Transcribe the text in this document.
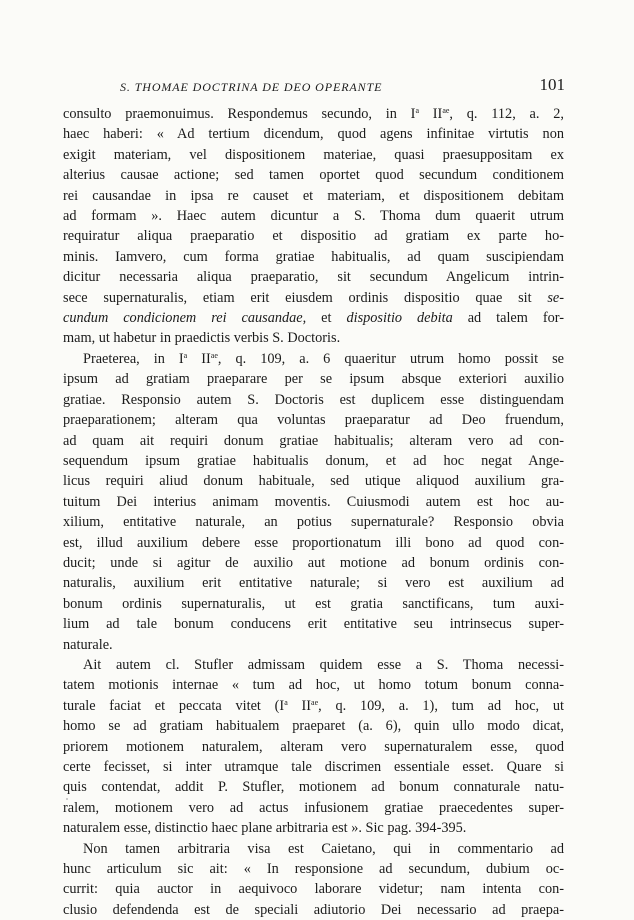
S. THOMAE DOCTRINA DE DEO OPERANTE	101
consulto praemonuimus. Respondemus secundo, in $I^a$ $II^{ae}$, q. 112, a. 2,
haec haberi: « Ad tertium dicendum, quod agens infinitae virtutis non
exigit materiam, vel dispositionem materiae, quasi praesuppositam ex
alterius causae actione; sed tamen oportet quod secundum conditionem
rei causandae in ipsa re causet et materiam, et dispositionem debitam
ad formam ». Haec autem dicuntur a S. Thoma dum quaerit utrum
requiratur aliqua praeparatio et dispositio ad gratiam ex parte ho-
minis. Iamvero, cum forma gratiae habitualis, ad quam suscipiendam
dicitur necessaria aliqua praeparatio, sit secundum Angelicum intrin-
sece supernaturalis, etiam erit eiusdem ordinis dispositio quae sit se-
cundum condicionem rei causandae, et dispositio debita ad talem for-
mam, ut habetur in praedictis verbis S. Doctoris.
Praeterea, in $I^a$ $II^{ae}$, q. 109, a. 6 quaeritur utrum homo possit se
ipsum ad gratiam praeparare per se ipsum absque exteriori auxilio
gratiae. Responsio autem S. Doctoris est duplicem esse distinguendam
praeparationem; alteram qua voluntas praeparatur ad Deo fruendum,
ad quam ait requiri donum gratiae habitualis; alteram vero ad con-
sequendum ipsum gratiae habitualis donum, et ad hoc negat Ange-
licus requiri aliud donum habituale, sed utique aliquod auxilium gra-
tuitum Dei interius animam moventis. Cuiusmodi autem est hoc au-
xilium, entitative naturale, an potius supernaturale? Responsio obvia
est, illud auxilium debere esse proportionatum illi bono ad quod con-
ducit; unde si agitur de auxilio aut motione ad bonum ordinis con-
naturalis, auxilium erit entitative naturale; si vero est auxilium ad
bonum ordinis supernaturalis, ut est gratia sanctificans, tum auxi-
lium ad tale bonum conducens erit entitative seu intrinsecus super-
naturale.
Ait autem cl. Stufler admissam quidem esse a S. Thoma necessi-
tatem motionis internae « tum ad hoc, ut homo totum bonum conna-
turale faciat et peccata vitet ($I^a$ $II^{ae}$, q. 109, a. 1), tum ad hoc, ut
homo se ad gratiam habitualem praeparet (a. 6), quin ullo modo dicat,
priorem motionem naturalem, alteram vero supernaturalem esse, quod
certe fecisset, si inter utramque tale discrimen essentiale esset. Quare si
quis contendat, addit P. Stufler, motionem ad bonum connaturale natu-
ralem, motionem vero ad actus infusionem gratiae praecedentes super-
naturalem esse, distinctio haec plane arbitraria est ». Sic pag. 394-395.
Non tamen arbitraria visa est Caietano, qui in commentario ad
hunc articulum sic ait: « In responsione ad secundum, dubium oc-
currit: quia auctor in aequivoco laborare videtur; nam intenta con-
clusio defendenda est de speciali adiutorio Dei necessario ad praepa-
